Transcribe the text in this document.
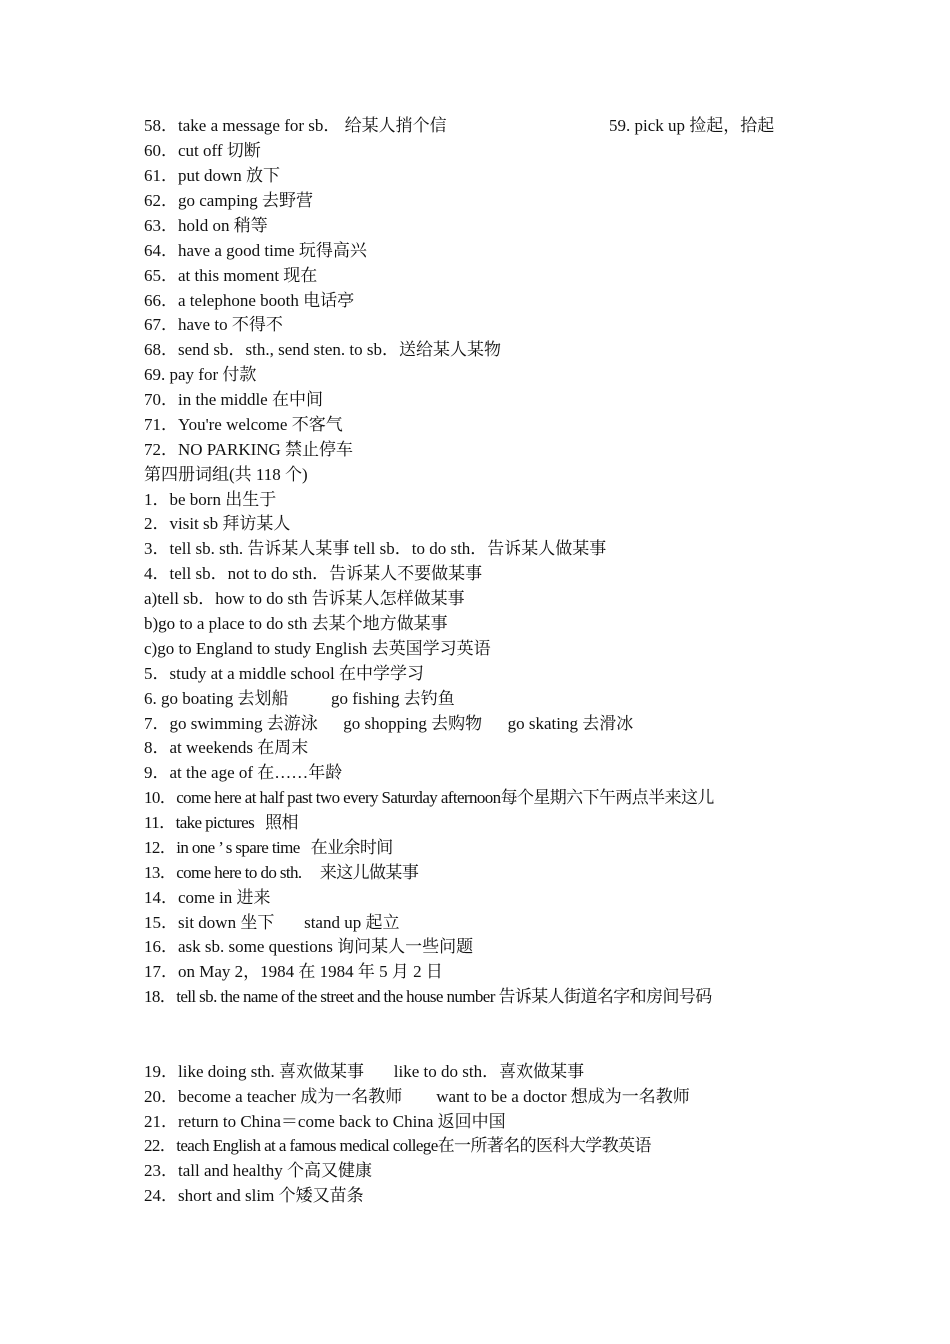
58．take a message for sb． 给某人捎个信	59. pick up 捡起，拾起
60．cut off 切断
61．put down 放下
62．go camping 去野营
63．hold on 稍等
64．have a good time 玩得高兴
65．at this moment 现在
66．a telephone booth 电话亭
67．have to 不得不
68．send sb．sth., send sten. to sb．送给某人某物
69. pay for 付款
70．in the middle 在中间
71．You're welcome 不客气
72．NO PARKING 禁止停车
第四册词组(共 118 个)
1．be born 出生于
2．visit sb 拜访某人
3．tell sb. sth. 告诉某人某事 tell sb．to do sth．告诉某人做某事
4．tell sb．not to do sth．告诉某人不要做某事
a)tell sb．how to do sth 告诉某人怎样做某事
b)go to a place to do sth 去某个地方做某事
c)go to England to study English 去英国学习英语
5．study at a middle school 在中学学习
6. go boating 去划船          go fishing 去钓鱼
7．go swimming 去游泳      go shopping 去购物      go skating 去滑冰
8．at weekends 在周末
9．at the age of 在……年龄
10．come here at half past two every Saturday afternoon每个星期六下午两点半来这儿
11．take pictures   照相
12．in one ’ s spare time   在业余时间
13．come here to do sth.     来这儿做某事
14．come in 进来
15．sit down 坐下       stand up 起立
16．ask sb. some questions 询问某人一些问题
17．on May 2，1984 在 1984 年 5 月 2 日
18．tell sb. the name of the street and the house number 告诉某人街道名字和房间号码
19．like doing sth. 喜欢做某事       like to do sth．喜欢做某事
20．become a teacher 成为一名教师        want to be a doctor 想成为一名教师
21．return to China＝come back to China 返回中国
22．teach English at a famous medical college在一所著名的医科大学教英语
23．tall and healthy 个高又健康
24．short and slim 个矮又苗条
